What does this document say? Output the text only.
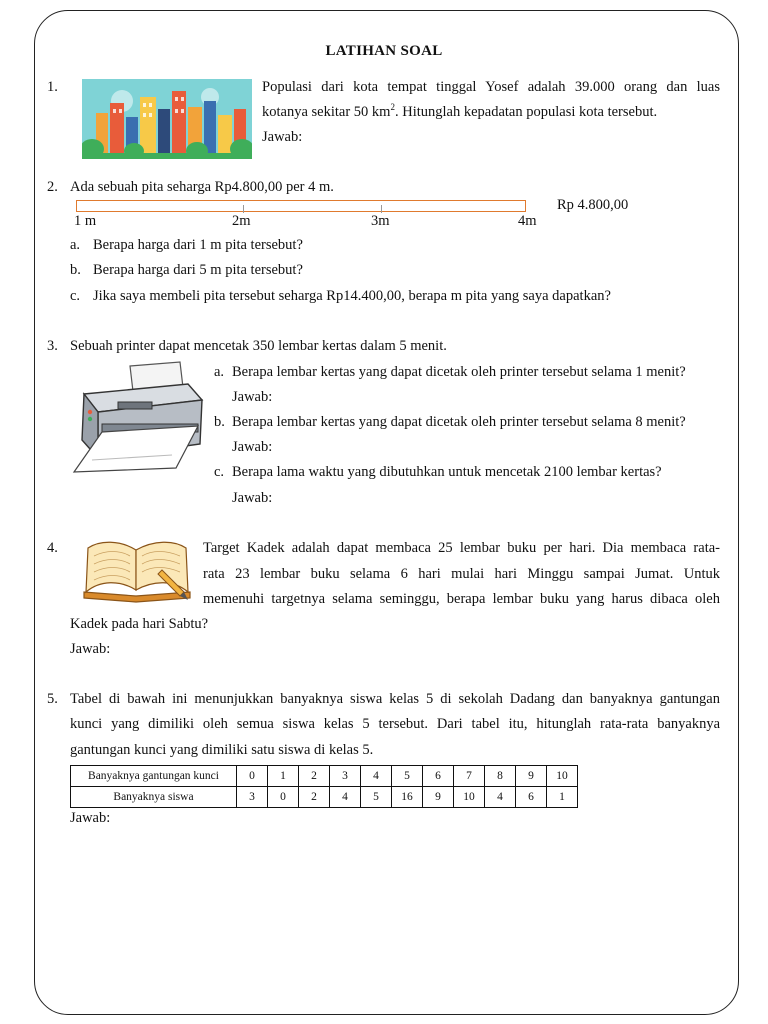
LATIHAN SOAL
1.	Populasi dari kota tempat tinggal Yosef adalah 39.000 orang dan luas
kotanya sekitar 50 $km^2$. Hitunglah kepadatan populasi kota tersebut.
Jawab:
2. Ada sebuah pita seharga Rp4.800,00 per 4 m.
Rp 4.800,00
1 m	2m	3m	4m
a. Berapa harga dari 1 m pita tersebut?
b. Berapa harga dari 5 m pita tersebut?
c. Jika saya membeli pita tersebut seharga Rp14.400,00, berapa m pita yang saya dapatkan?
3. Sebuah printer dapat mencetak 350 lembar kertas dalam 5 menit.
a. Berapa lembar kertas yang dapat dicetak oleh printer tersebut selama 1 menit?
Jawab:
b. Berapa lembar kertas yang dapat dicetak oleh printer tersebut selama 8 menit?
Jawab:
c. Berapa lama waktu yang dibutuhkan untuk mencetak 2100 lembar kertas?
Jawab:
4.	Target Kadek adalah dapat membaca 25 lembar buku per hari. Dia membaca rata-
rata 23 lembar buku selama 6 hari mulai hari Minggu sampai Jumat. Untuk
memenuhi targetnya selama seminggu, berapa lembar buku yang harus dibaca oleh
Kadek pada hari Sabtu?
Jawab:
5. Tabel di bawah ini menunjukkan banyaknya siswa kelas 5 di sekolah Dadang dan banyaknya gantungan
kunci yang dimiliki oleh semua siswa kelas 5 tersebut. Dari tabel itu, hitunglah rata-rata banyaknya
gantungan kunci yang dimiliki satu siswa di kelas 5.
Banyaknya gantungan kunci	0	1	2	3	4	5	6	7	8	9	10
Banyaknya siswa	3	0	2	4	5	16	9	10	4	6	1
Jawab:
